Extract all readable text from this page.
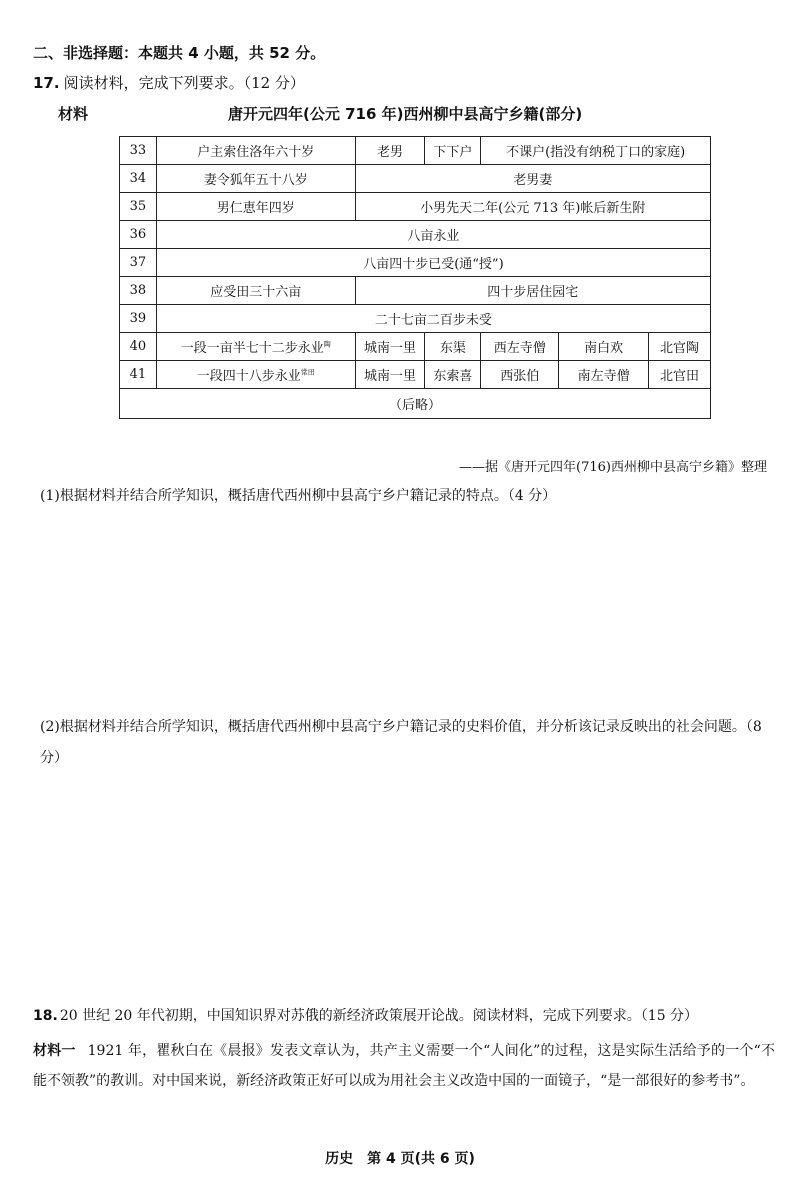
二、非选择题：本题共 4 小题，共 52 分。
17. 阅读材料，完成下列要求。（12 分）
材料	唐开元四年(公元 716 年)西州柳中县高宁乡籍(部分)
33	户主索住洛年六十岁	老男	下下户	不课户(指没有纳税丁口的家庭)		
34	妻令狐年五十八岁	老男妻				
35	男仁恵年四岁	小男先天二年(公元 713 年)帐后新生附				
36	八亩永业					
37	八亩四十步已受(通“授”)					
38	应受田三十六亩	四十步居住园宅				
39	二十七亩二百步未受					
40	一段一亩半七十二步永业$^陶$	城南一里	东渠	西左寺僧	南白欢	北官陶
41	一段四十八步永业$^{常田}$	城南一里	东索喜	西张伯	南左寺僧	北官田
（后略）						
——据《唐开元四年(716)西州柳中县高宁乡籍》整理
(1)根据材料并结合所学知识，概括唐代西州柳中县高宁乡户籍记录的特点。（4 分）
(2)根据材料并结合所学知识，概括唐代西州柳中县高宁乡户籍记录的史料价值，并分析该记录反映出的社会问题。（8 分）
18. 20 世纪 20 年代初期，中国知识界对苏俄的新经济政策展开论战。阅读材料，完成下列要求。（15 分）
材料一 1921 年，瞿秋白在《晨报》发表文章认为，共产主义需要一个“人间化”的过程，这是实际生活给予的一个“不能不领教”的教训。对中国来说，新经济政策正好可以成为用社会主义改造中国的一面镜子，“是一部很好的参考书”。
历史　第 4 页(共 6 页)
